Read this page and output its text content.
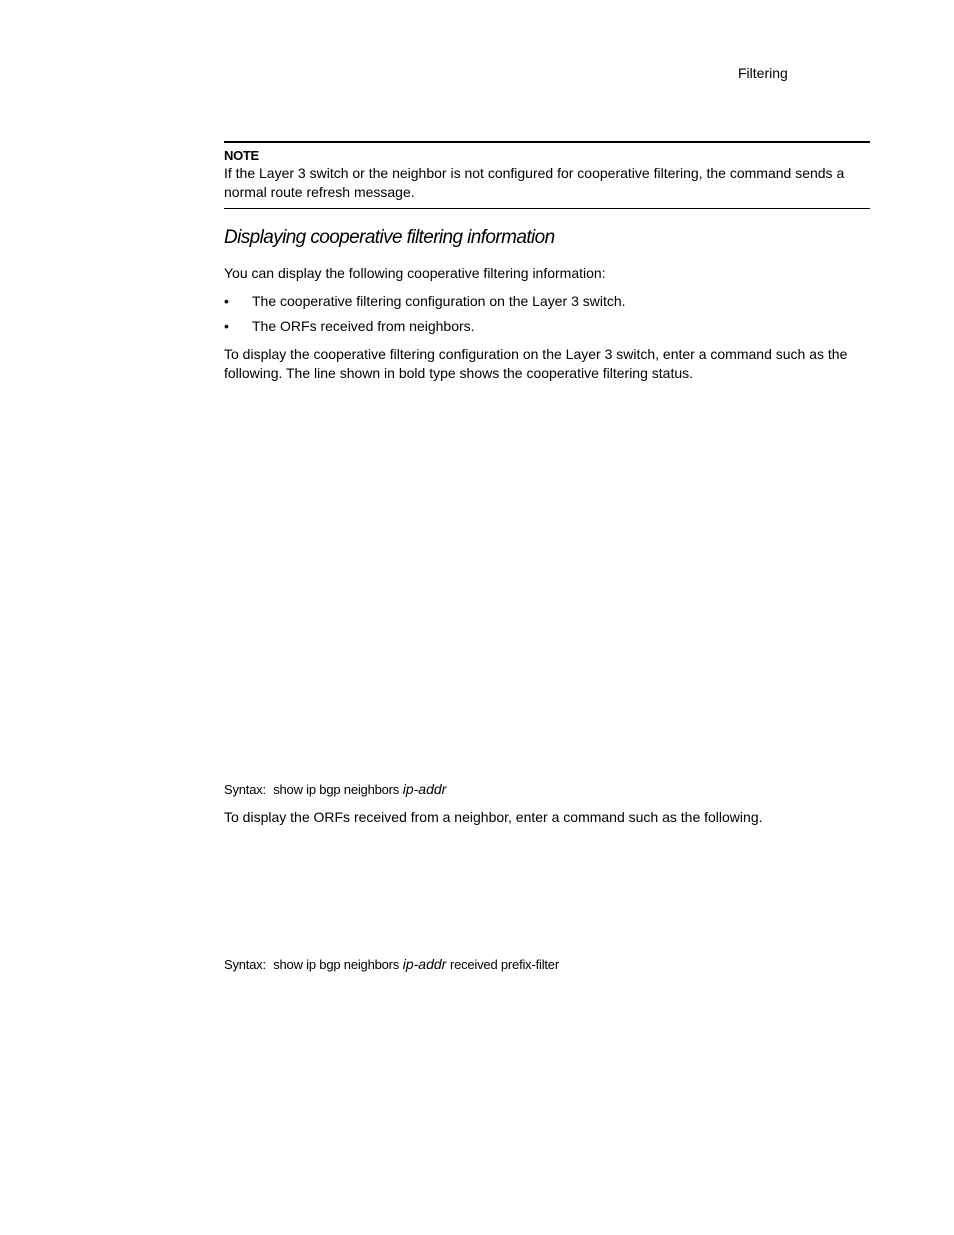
Filtering
NOTE
If the Layer 3 switch or the neighbor is not configured for cooperative filtering, the command sends a normal route refresh message.
Displaying cooperative filtering information

You can display the following cooperative filtering information:

• The cooperative filtering configuration on the Layer 3 switch.
• The ORFs received from neighbors.

To display the cooperative filtering configuration on the Layer 3 switch, enter a command such as the following. The line shown in bold type shows the cooperative filtering status.

Syntax: show ip bgp neighbors ip-addr

To display the ORFs received from a neighbor, enter a command such as the following.

Syntax: show ip bgp neighbors ip-addr received prefix-filter
